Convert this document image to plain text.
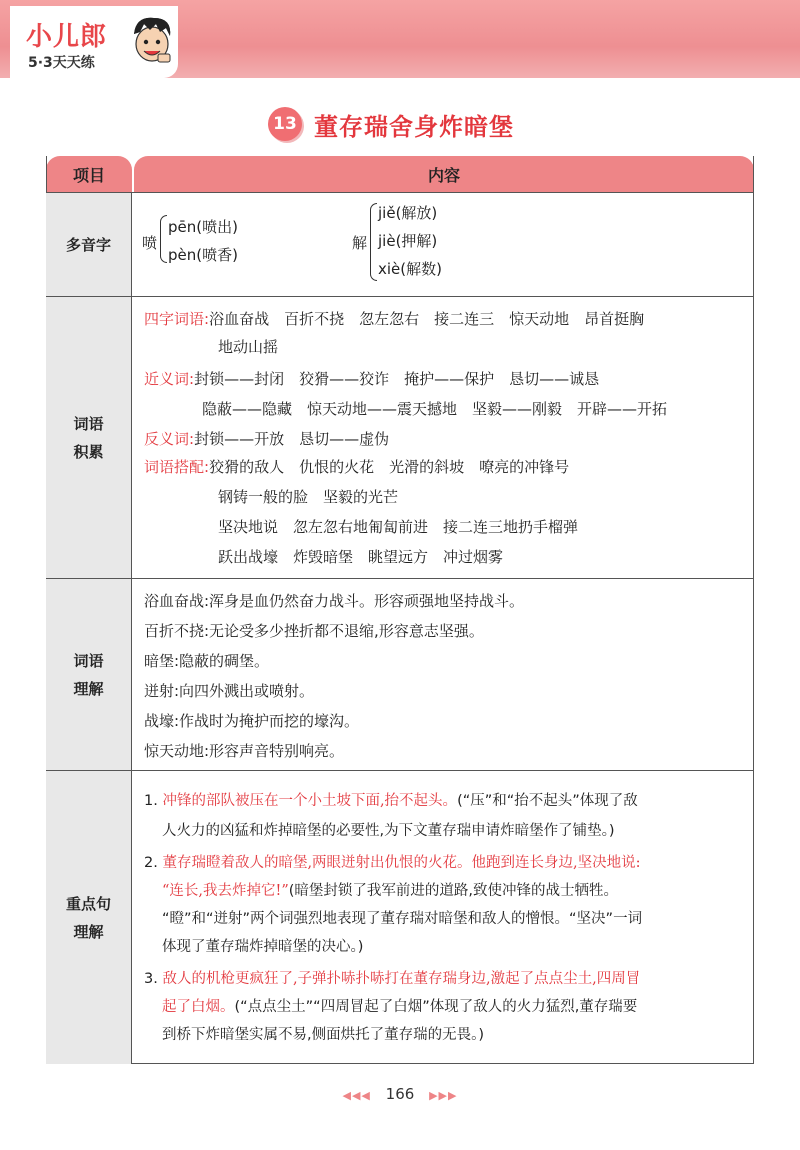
小儿郎
5·3天天练
13 董存瑞舍身炸暗堡
项目	内容
多音字 喷
pēn(喷出)
pèn(喷香)
解
jiě(解放)
jiè(押解)
xiè(解数)
词语
积累
四字词语:浴血奋战　百折不挠　忽左忽右　接二连三　惊天动地　昂首挺胸
地动山摇
近义词:封锁——封闭　狡猾——狡诈　掩护——保护　恳切——诚恳
隐蔽——隐藏　惊天动地——震天撼地　坚毅——刚毅　开辟——开拓
反义词:封锁——开放　恳切——虚伪
词语搭配:狡猾的敌人　仇恨的火花　光滑的斜坡　嘹亮的冲锋号
钢铸一般的脸　坚毅的光芒
坚决地说　忽左忽右地匍匐前进　接二连三地扔手榴弹
跃出战壕　炸毁暗堡　眺望远方　冲过烟雾
词语
理解
浴血奋战:浑身是血仍然奋力战斗。形容顽强地坚持战斗。
百折不挠:无论受多少挫折都不退缩,形容意志坚强。
暗堡:隐蔽的碉堡。
迸射:向四外溅出或喷射。
战壕:作战时为掩护而挖的壕沟。
惊天动地:形容声音特别响亮。
重点句
理解
1. 冲锋的部队被压在一个小土坡下面,抬不起头。(“压”和“抬不起头”体现了敌
人火力的凶猛和炸掉暗堡的必要性,为下文董存瑞申请炸暗堡作了铺垫。)
2. 董存瑞瞪着敌人的暗堡,两眼迸射出仇恨的火花。他跑到连长身边,坚决地说:
“连长,我去炸掉它!”(暗堡封锁了我军前进的道路,致使冲锋的战士牺牲。
“瞪”和“迸射”两个词强烈地表现了董存瑞对暗堡和敌人的憎恨。“坚决”一词
体现了董存瑞炸掉暗堡的决心。)
3. 敌人的机枪更疯狂了,子弹扑哧扑哧打在董存瑞身边,激起了点点尘土,四周冒
起了白烟。(“点点尘土”“四周冒起了白烟”体现了敌人的火力猛烈,董存瑞要
到桥下炸暗堡实属不易,侧面烘托了董存瑞的无畏。)
◀◀◀ 166 ▶▶▶
